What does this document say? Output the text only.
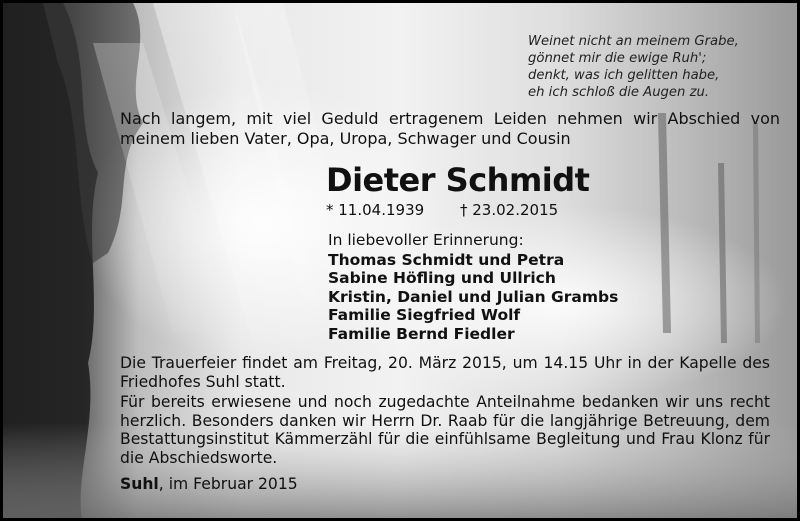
Weinet nicht an meinem Grabe,
gönnet mir die ewige Ruh';
denkt, was ich gelitten habe,
eh ich schloß die Augen zu.

Nach langem, mit viel Geduld ertragenem Leiden nehmen wir Abschied von meinem lieben Vater, Opa, Uropa, Schwager und Cousin

Dieter Schmidt
* 11.04.1939 † 23.02.2015
In liebevoller Erinnerung:
Thomas Schmidt und Petra
Sabine Höfling und Ullrich
Kristin, Daniel und Julian Grambs
Familie Siegfried Wolf
Familie Bernd Fiedler

Die Trauerfeier findet am Freitag, 20. März 2015, um 14.15 Uhr in der Kapelle des Friedhofes Suhl statt.

Für bereits erwiesene und noch zugedachte Anteilnahme bedanken wir uns recht herzlich. Besonders danken wir Herrn Dr. Raab für die langjährige Betreuung, dem Bestattungsinstitut Kämmerzähl für die einfühlsame Begleitung und Frau Klonz für die Abschiedsworte.

Suhl, im Februar 2015
